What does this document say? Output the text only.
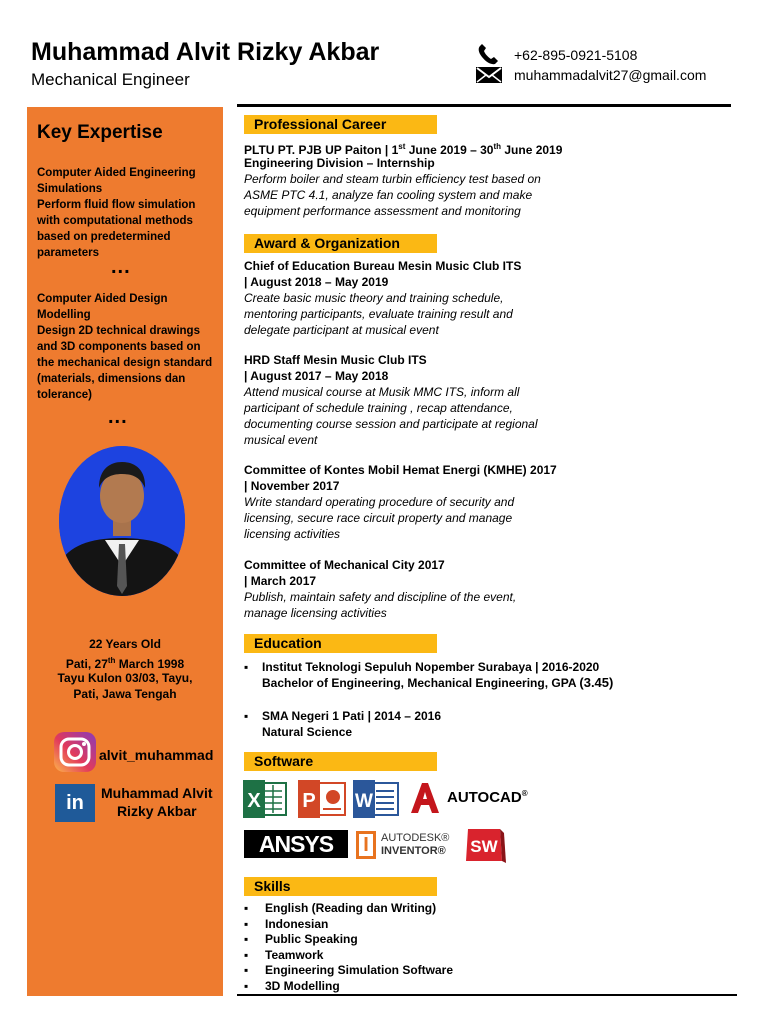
Muhammad Alvit Rizky Akbar
Mechanical Engineer
+62-895-0921-5108
muhammadalvit27@gmail.com
Key Expertise
Computer Aided Engineering Simulations
Perform fluid flow simulation with computational methods based on predetermined parameters
...
Computer Aided Design Modelling
Design 2D technical drawings and 3D components based on the mechanical design standard (materials, dimensions dan tolerance)
...
22 Years Old
Pati, 27th March 1998
Tayu Kulon 03/03, Tayu,
Pati, Jawa Tengah
alvit_muhammad
in	Muhammad Alvit
Rizky Akbar
Professional Career
PLTU PT. PJB UP Paiton | 1st June 2019 – 30th June 2019
Engineering Division – Internship
Perform boiler and steam turbin efficiency test based on ASME PTC 4.1, analyze fan cooling system and make equipment performance assessment and monitoring
Award & Organization
Chief of Education Bureau Mesin Music Club ITS
| August 2018 – May 2019
Create basic music theory and training schedule, mentoring participants, evaluate training result and delegate participant at musical event
HRD Staff Mesin Music Club ITS
| August 2017 – May 2018
Attend musical course at Musik MMC ITS, inform all participant of schedule training , recap attendance, documenting course session and participate at regional musical event
Committee of Kontes Mobil Hemat Energi (KMHE) 2017
| November 2017
Write standard operating procedure of security and licensing, secure race circuit property and manage licensing activities
Committee of Mechanical City 2017
| March 2017
Publish, maintain safety and discipline of the event, manage licensing activities
Education
▪	Institut Teknologi Sepuluh Nopember Surabaya | 2016-2020
Bachelor of Engineering, Mechanical Engineering, GPA (3.45)
▪	SMA Negeri 1 Pati | 2014 – 2016
Natural Science
Software
X P W	AUTOCAD®
ANSYS	I	AUTODESK®
INVENTOR® SW
Skills
▪ English (Reading dan Writing)
▪ Indonesian
▪ Public Speaking
▪ Teamwork
▪ Engineering Simulation Software
▪ 3D Modelling
